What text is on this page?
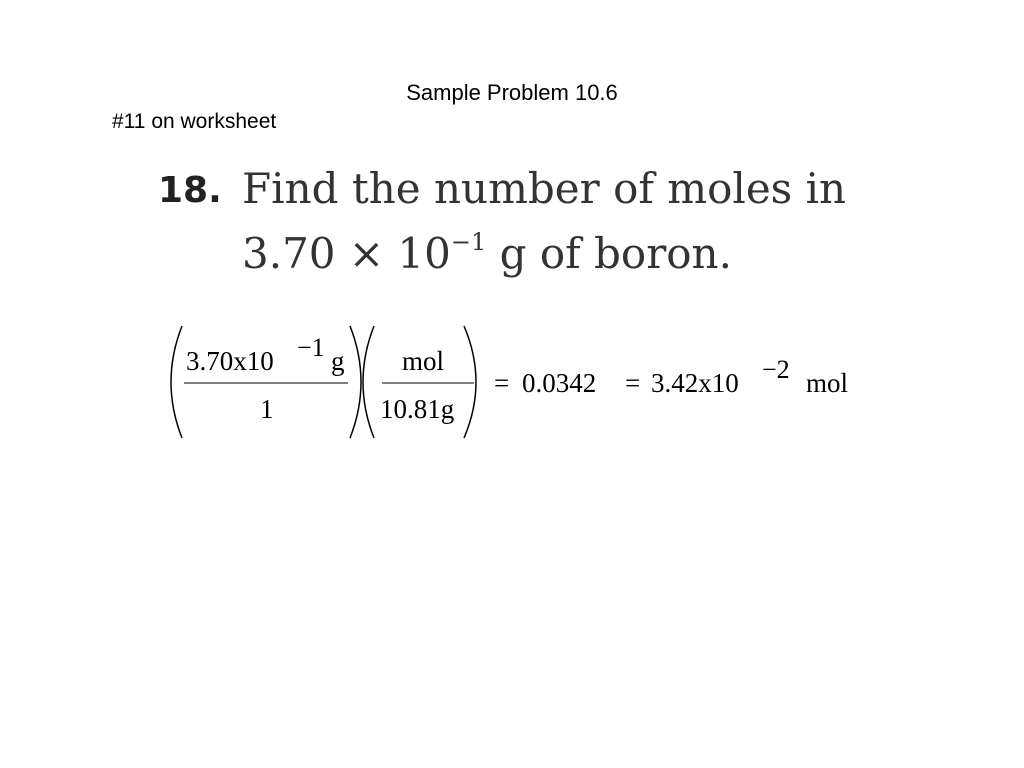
Sample Problem 10.6
#11 on worksheet
18. Find the number of moles in
$3.70 \times 10^{-1}$ g of boron.
3.70x10 −1 g
1
mol
10.81g
= 0.0342 = 3.42x10 −2 mol
